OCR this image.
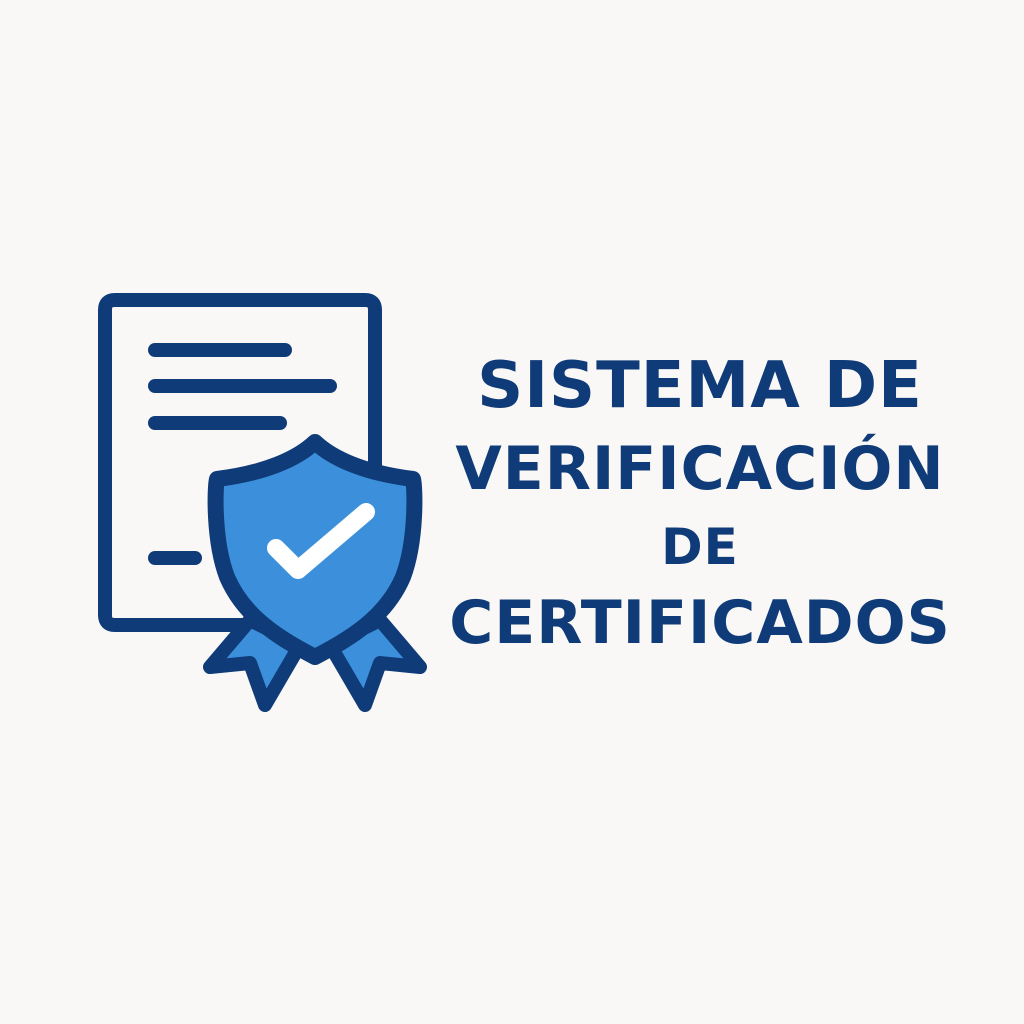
SISTEMA DE
VERIFICACIÓN
DE
CERTIFICADOS
